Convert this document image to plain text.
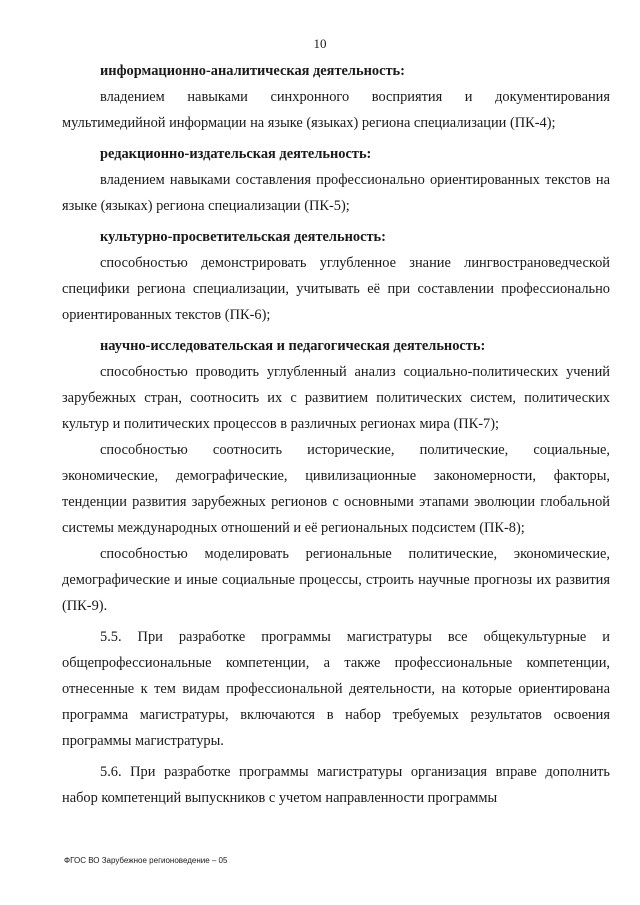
10

информационно-аналитическая деятельность:

владением навыками синхронного восприятия и документирования мультимедийной информации на языке (языках) региона специализации (ПК-4);

редакционно-издательская деятельность:

владением навыками составления профессионально ориентированных текстов на языке (языках) региона специализации (ПК-5);

культурно-просветительская деятельность:

способностью демонстрировать углубленное знание лингвострановедческой специфики региона специализации, учитывать её при составлении профессионально ориентированных текстов (ПК-6);

научно-исследовательская и педагогическая деятельность:

способностью проводить углубленный анализ социально-политических учений зарубежных стран, соотносить их с развитием политических систем, политических культур и политических процессов в различных регионах мира (ПК-7);

способностью соотносить исторические, политические, социальные, экономические, демографические, цивилизационные закономерности, факторы, тенденции развития зарубежных регионов с основными этапами эволюции глобальной системы международных отношений и её региональных подсистем (ПК-8);

способностью моделировать региональные политические, экономические, демографические и иные социальные процессы, строить научные прогнозы их развития (ПК-9).

5.5. При разработке программы магистратуры все общекультурные и общепрофессиональные компетенции, а также профессиональные компетенции, отнесенные к тем видам профессиональной деятельности, на которые ориентирована программа магистратуры, включаются в набор требуемых результатов освоения программы магистратуры.

5.6. При разработке программы магистратуры организация вправе дополнить набор компетенций выпускников с учетом направленности программы

ФГОС ВО Зарубежное регионоведение – 05
